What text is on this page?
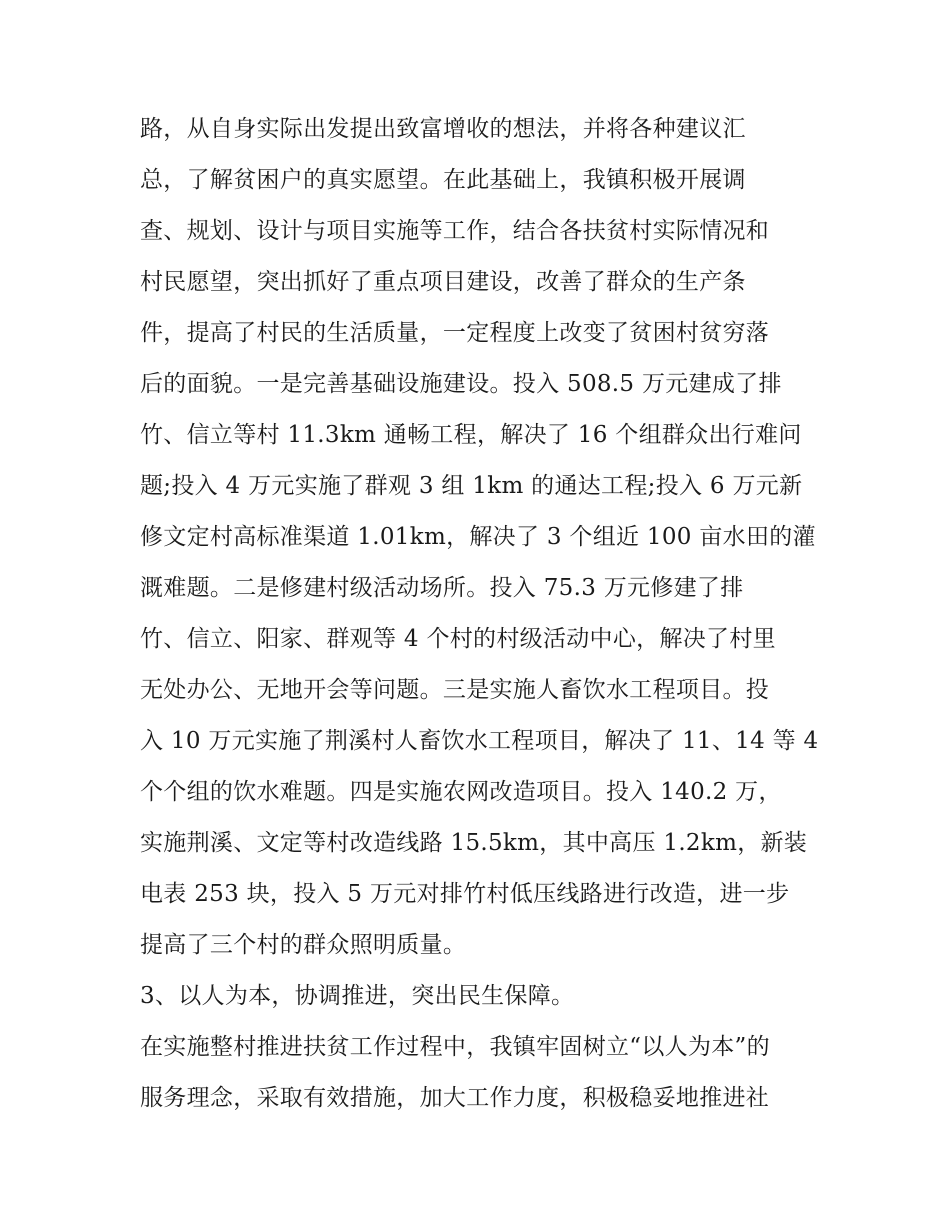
路，从自身实际出发提出致富增收的想法，并将各种建议汇
总，了解贫困户的真实愿望。在此基础上，我镇积极开展调
查、规划、设计与项目实施等工作，结合各扶贫村实际情况和
村民愿望，突出抓好了重点项目建设，改善了群众的生产条
件，提高了村民的生活质量，一定程度上改变了贫困村贫穷落
后的面貌。一是完善基础设施建设。投入 508.5 万元建成了排
竹、信立等村 11.3km 通畅工程，解决了 16 个组群众出行难问
题;投入 4 万元实施了群观 3 组 1km 的通达工程;投入 6 万元新
修文定村高标准渠道 1.01km，解决了 3 个组近 100 亩水田的灌
溉难题。二是修建村级活动场所。投入 75.3 万元修建了排
竹、信立、阳家、群观等 4 个村的村级活动中心，解决了村里
无处办公、无地开会等问题。三是实施人畜饮水工程项目。投
入 10 万元实施了荆溪村人畜饮水工程项目，解决了 11、14 等 4
个个组的饮水难题。四是实施农网改造项目。投入 140.2 万，
实施荆溪、文定等村改造线路 15.5km，其中高压 1.2km，新装
电表 253 块，投入 5 万元对排竹村低压线路进行改造，进一步
提高了三个村的群众照明质量。
3、以人为本，协调推进，突出民生保障。
在实施整村推进扶贫工作过程中，我镇牢固树立“以人为本”的
服务理念，采取有效措施，加大工作力度，积极稳妥地推进社
